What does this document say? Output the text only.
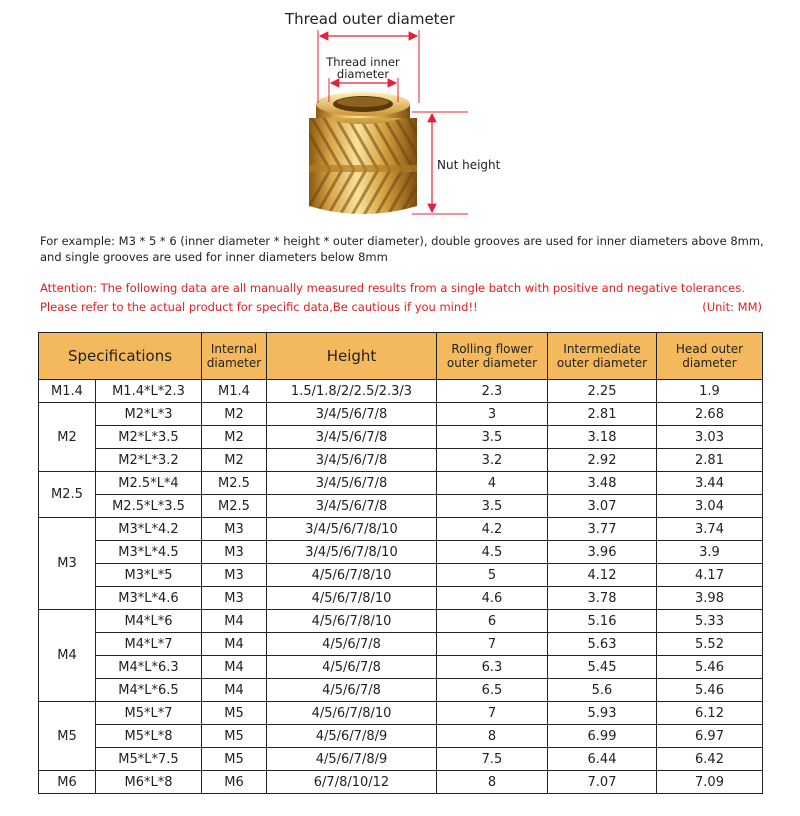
Thread outer diameter
Thread inner
diameter
Nut height
For example: M3 * 5 * 6 (inner diameter * height * outer diameter), double grooves are used for inner diameters above 8mm, and single grooves are used for inner diameters below 8mm
Attention: The following data are all manually measured results from a single batch with positive and negative tolerances.
Please refer to the actual product for specific data,Be cautious if you mind!!	(Unit: MM)
Specifications		Internal diameter	Height	Rolling flower outer diameter	Intermediate outer diameter	Head outer diameter
M1.4	M1.4*L*2.3	M1.4	1.5/1.8/2/2.5/2.3/3	2.3	2.25	1.9
M2	M2*L*3	M2	3/4/5/6/7/8	3	2.81	2.68
	M2*L*3.5	M2	3/4/5/6/7/8	3.5	3.18	3.03
	M2*L*3.2	M2	3/4/5/6/7/8	3.2	2.92	2.81
M2.5	M2.5*L*4	M2.5	3/4/5/6/7/8	4	3.48	3.44
	M2.5*L*3.5	M2.5	3/4/5/6/7/8	3.5	3.07	3.04
M3	M3*L*4.2	M3	3/4/5/6/7/8/10	4.2	3.77	3.74
	M3*L*4.5	M3	3/4/5/6/7/8/10	4.5	3.96	3.9
	M3*L*5	M3	4/5/6/7/8/10	5	4.12	4.17
	M3*L*4.6	M3	4/5/6/7/8/10	4.6	3.78	3.98
M4	M4*L*6	M4	4/5/6/7/8/10	6	5.16	5.33
	M4*L*7	M4	4/5/6/7/8	7	5.63	5.52
	M4*L*6.3	M4	4/5/6/7/8	6.3	5.45	5.46
	M4*L*6.5	M4	4/5/6/7/8	6.5	5.6	5.46
M5	M5*L*7	M5	4/5/6/7/8/10	7	5.93	6.12
	M5*L*8	M5	4/5/6/7/8/9	8	6.99	6.97
	M5*L*7.5	M5	4/5/6/7/8/9	7.5	6.44	6.42
M6	M6*L*8	M6	6/7/8/10/12	8	7.07	7.09
